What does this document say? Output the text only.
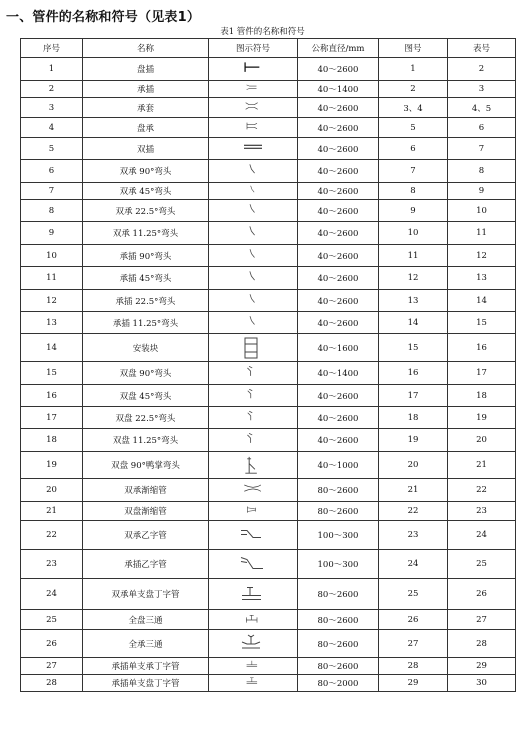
一、管件的名称和符号（见表1）
表1 管件的名称和符号
序号	名称	图示符号	公称直径/mm	图号	表号
1	盘插		40～2600	1	2
2	承插		40～1400	2	3
3	承套		40～2600	3、4	4、5
4	盘承		40～2600	5	6
5	双插		40～2600	6	7
6	双承 90°弯头		40～2600	7	8
7	双承 45°弯头		40～2600	8	9
8	双承 22.5°弯头		40～2600	9	10
9	双承 11.25°弯头		40～2600	10	11
10	承插 90°弯头		40～2600	11	12
11	承插 45°弯头		40～2600	12	13
12	承插 22.5°弯头		40～2600	13	14
13	承插 11.25°弯头		40～2600	14	15
14	安装块		40～1600	15	16
15	双盘 90°弯头		40～1400	16	17
16	双盘 45°弯头		40～2600	17	18
17	双盘 22.5°弯头		40～2600	18	19
18	双盘 11.25°弯头		40～2600	19	20
19	双盘 90°鸭掌弯头		40～1000	20	21
20	双承渐缩管		80～2600	21	22
21	双盘渐缩管		80～2600	22	23
22	双承乙字管		100～300	23	24
23	承插乙字管		100～300	24	25
24	双承单支盘丁字管		80～2600	25	26
25	全盘三通		80～2600	26	27
26	全承三通		80～2600	27	28
27	承插单支承丁字管		80～2600	28	29
28	承插单支盘丁字管		80～2000	29	30
